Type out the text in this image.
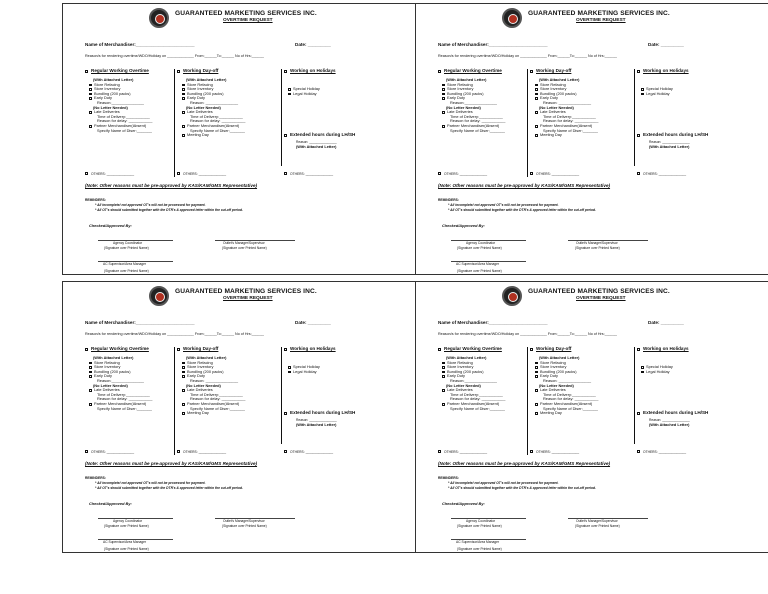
GUARANTEED MARKETING SERVICES INC.
OVERTIME REQUEST
Name of Merchandiser:_______________________	Date: _________
Reason/s for rendering overtime/WDO/Holiday on _____________ From:______To:______ No of Hrs:______
Regular Working Overtime	Working Day-off	Working on Holidays
(With Attached Letter)
Store Refacing
Store Inventory
Bundling (200 packs)
Early Duty
Reason:_______________
(No Letter Needed)
Late Deliveries
Time of Delivery:___________
Reason for delay: ___________
Partner Merchandiser(Absent)
Specify Name of Diser:_______
(With Attached Letter)
Store Refacing
Store Inventory
Bundling (200 packs)
Early Duty
Reason: _______________
(No Letter Needed)
Late Deliveries
Time of Delivery:___________
Reason for delay: ___________
Partner Merchandiser(Absent)
Specify Name of Diser:_______
Meeting Day
Special Holiday
Legal Holiday
Extended hours during LH/SH
Reason: _______________
(With Attached Letter)
OTHERS: _______________	OTHERS: _______________	OTHERS: _______________
(Note: Other reasons must be pre-approved by KAS/KAM/GMS Representative)
REMINDERS:
* All incomplete/ not approved OT's will not be processed for payment.
* All OT's should submitted together with the DTR's & approved letter within the cut-off period.
Checked/Approved By:
Agency Coordinator
(Signature over Printed Name)
Outlet's Manager/Supervisor
(Signature over Printed Name)
AC Supervisor/Area Manager
(Signature over Printed Name)
GUARANTEED MARKETING SERVICES INC.
OVERTIME REQUEST
Name of Merchandiser:_______________________	Date: _________
Reason/s for rendering overtime/WDO/Holiday on _____________ From:______To:______ No of Hrs:______
Regular Working Overtime	Working Day-off	Working on Holidays
(With Attached Letter)
Store Refacing
Store Inventory
Bundling (200 packs)
Early Duty
Reason:_______________
(No Letter Needed)
Late Deliveries
Time of Delivery:___________
Reason for delay: ___________
Partner Merchandiser(Absent)
Specify Name of Diser:_______
(With Attached Letter)
Store Refacing
Store Inventory
Bundling (200 packs)
Early Duty
Reason: _______________
(No Letter Needed)
Late Deliveries
Time of Delivery:___________
Reason for delay: ___________
Partner Merchandiser(Absent)
Specify Name of Diser:_______
Meeting Day
Special Holiday
Legal Holiday
Extended hours during LH/SH
Reason: _______________
(With Attached Letter)
OTHERS: _______________	OTHERS: _______________	OTHERS: _______________
(Note: Other reasons must be pre-approved by KAS/KAM/GMS Representative)
REMINDERS:
* All incomplete/ not approved OT's will not be processed for payment.
* All OT's should submitted together with the DTR's & approved letter within the cut-off period.
Checked/Approved By:
Agency Coordinator
(Signature over Printed Name)
Outlet's Manager/Supervisor
(Signature over Printed Name)
AC Supervisor/Area Manager
(Signature over Printed Name)
GUARANTEED MARKETING SERVICES INC.
OVERTIME REQUEST
Name of Merchandiser:_______________________	Date: _________
Reason/s for rendering overtime/WDO/Holiday on _____________ From:______To:______ No of Hrs:______
Regular Working Overtime	Working Day-off	Working on Holidays
(With Attached Letter)
Store Refacing
Store Inventory
Bundling (200 packs)
Early Duty
Reason:_______________
(No Letter Needed)
Late Deliveries
Time of Delivery:___________
Reason for delay: ___________
Partner Merchandiser(Absent)
Specify Name of Diser:_______
(With Attached Letter)
Store Refacing
Store Inventory
Bundling (200 packs)
Early Duty
Reason: _______________
(No Letter Needed)
Late Deliveries
Time of Delivery:___________
Reason for delay: ___________
Partner Merchandiser(Absent)
Specify Name of Diser:_______
Meeting Day
Special Holiday
Legal Holiday
Extended hours during LH/SH
Reason: _______________
(With Attached Letter)
OTHERS: _______________	OTHERS: _______________	OTHERS: _______________
(Note: Other reasons must be pre-approved by KAS/KAM/GMS Representative)
REMINDERS:
* All incomplete/ not approved OT's will not be processed for payment.
* All OT's should submitted together with the DTR's & approved letter within the cut-off period.
Checked/Approved By:
Agency Coordinator
(Signature over Printed Name)
Outlet's Manager/Supervisor
(Signature over Printed Name)
AC Supervisor/Area Manager
(Signature over Printed Name)
GUARANTEED MARKETING SERVICES INC.
OVERTIME REQUEST
Name of Merchandiser:_______________________	Date: _________
Reason/s for rendering overtime/WDO/Holiday on _____________ From:______To:______ No of Hrs:______
Regular Working Overtime	Working Day-off	Working on Holidays
(With Attached Letter)
Store Refacing
Store Inventory
Bundling (200 packs)
Early Duty
Reason:_______________
(No Letter Needed)
Late Deliveries
Time of Delivery:___________
Reason for delay: ___________
Partner Merchandiser(Absent)
Specify Name of Diser:_______
(With Attached Letter)
Store Refacing
Store Inventory
Bundling (200 packs)
Early Duty
Reason: _______________
(No Letter Needed)
Late Deliveries
Time of Delivery:___________
Reason for delay: ___________
Partner Merchandiser(Absent)
Specify Name of Diser:_______
Meeting Day
Special Holiday
Legal Holiday
Extended hours during LH/SH
Reason: _______________
(With Attached Letter)
OTHERS: _______________	OTHERS: _______________	OTHERS: _______________
(Note: Other reasons must be pre-approved by KAS/KAM/GMS Representative)
REMINDERS:
* All incomplete/ not approved OT's will not be processed for payment.
* All OT's should submitted together with the DTR's & approved letter within the cut-off period.
Checked/Approved By:
Agency Coordinator
(Signature over Printed Name)
Outlet's Manager/Supervisor
(Signature over Printed Name)
AC Supervisor/Area Manager
(Signature over Printed Name)
